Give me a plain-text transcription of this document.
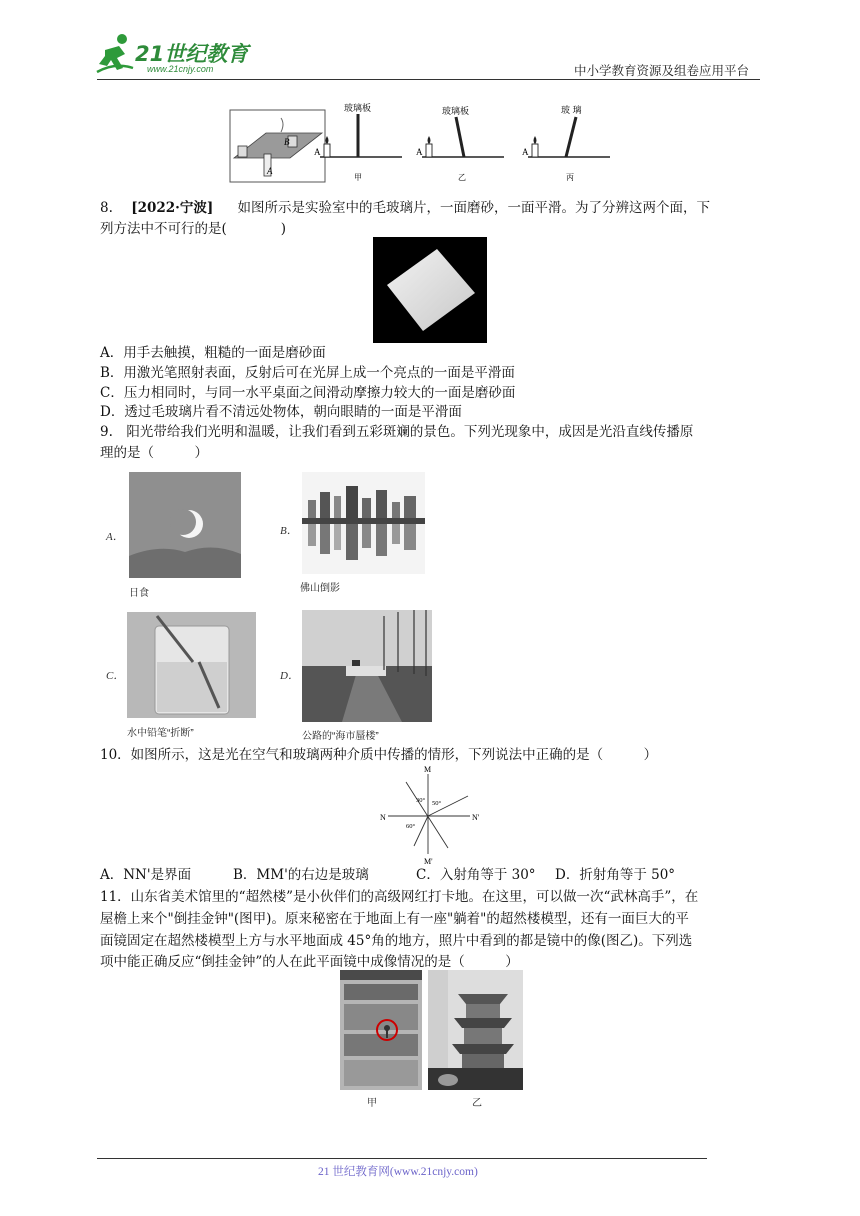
21世纪教育
www.21cnjy.com	中小学教育资源及组卷应用平台
B
A
玻璃板
A
甲
玻璃板
A
乙
玻 璃
A
丙
8. [2022·宁波] 如图所示是实验室中的毛玻璃片，一面磨砂，一面平滑。为了分辨这两个面，下
列方法中不可行的是(　　　　)
A．用手去触摸，粗糙的一面是磨砂面
B．用激光笔照射表面，反射后可在光屏上成一个亮点的一面是平滑面
C．压力相同时，与同一水平桌面之间滑动摩擦力较大的一面是磨砂面
D．透过毛玻璃片看不清远处物体，朝向眼睛的一面是平滑面
9.　阳光带给我们光明和温暖，让我们看到五彩斑斓的景色。下列光现象中，成因是光沿直线传播原
理的是（　　　）
A．
日食
B．
佛山倒影
C．
水中铅笔“折断”
D．
公路的“海市蜃楼”
10．如图所示，这是光在空气和玻璃两种介质中传播的情形，下列说法中正确的是（　　　）
M
M'
N	N'
30° 50°
60°
A．NN'是界面	B．MM'的右边是玻璃	C．入射角等于 30° D．折射角等于 50°
11．山东省美术馆里的“超然楼”是小伙伴们的高级网红打卡地。在这里，可以做一次“武林高手”，在
屋檐上来个"倒挂金钟"(图甲)。原来秘密在于地面上有一座"躺着"的超然楼模型，还有一面巨大的平
面镜固定在超然楼模型上方与水平地面成 45°角的地方，照片中看到的都是镜中的像(图乙)。下列选
项中能正确反应“倒挂金钟”的人在此平面镜中成像情况的是（　　　）
甲	乙
21 世纪教育网(www.21cnjy.com)
